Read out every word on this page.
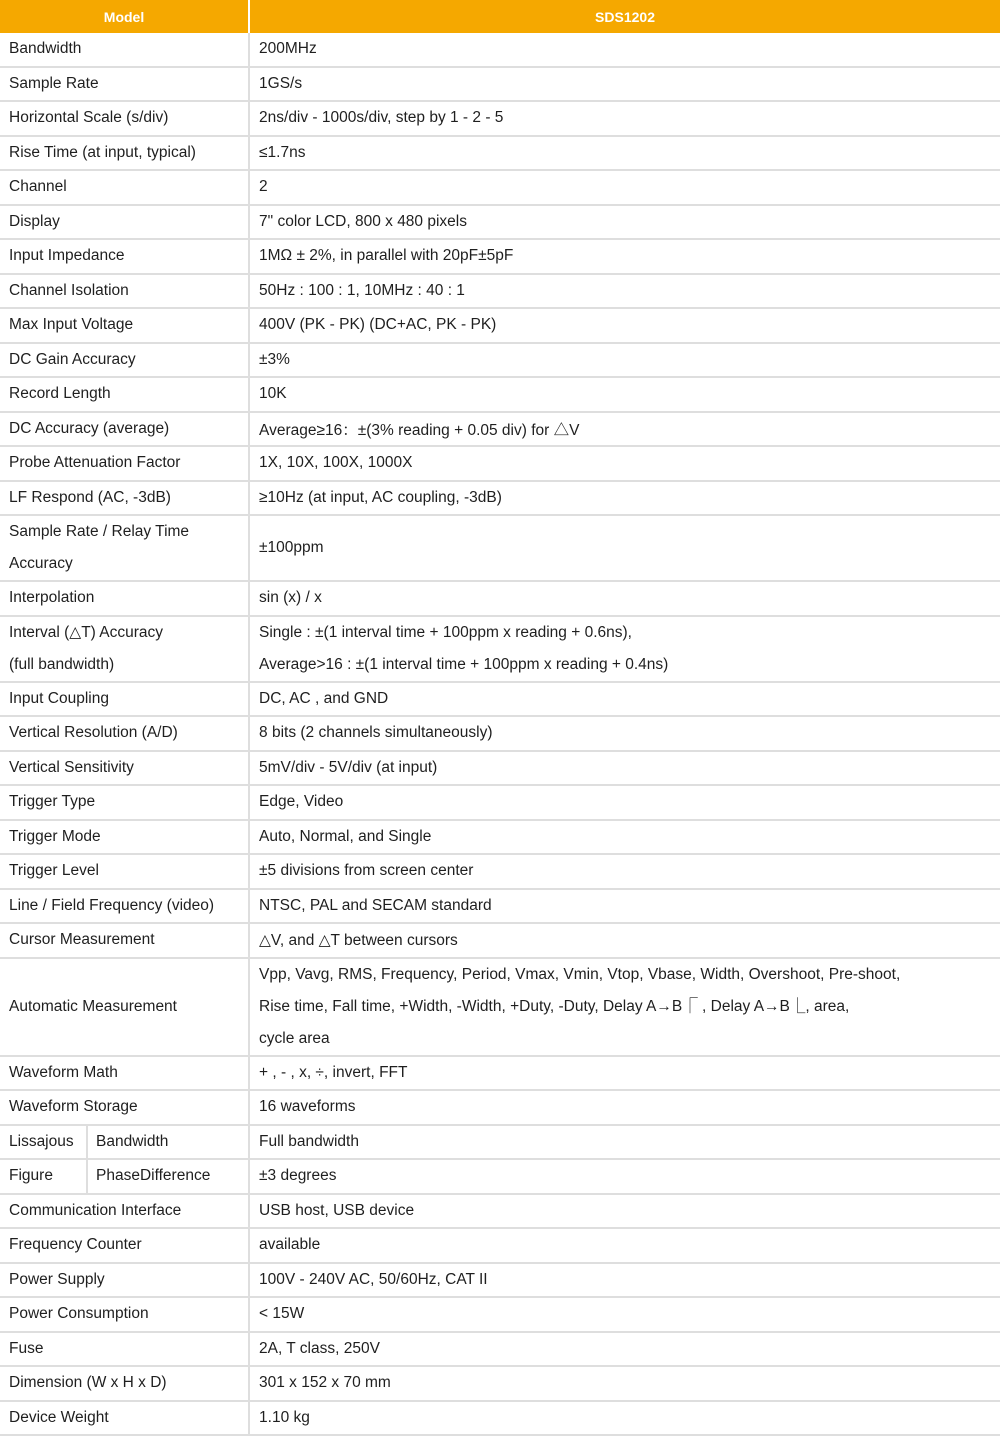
Model		SDS1202
Bandwidth		200MHz
Sample Rate		1GS/s
Horizontal Scale (s/div)		2ns/div - 1000s/div, step by 1 - 2 - 5
Rise Time (at input, typical)		≤1.7ns
Channel		2
Display		7" color LCD, 800 x 480 pixels
Input Impedance		1MΩ ± 2%, in parallel with 20pF±5pF
Channel Isolation		50Hz : 100 : 1, 10MHz : 40 : 1
Max Input Voltage		400V (PK - PK) (DC+AC, PK - PK)
DC Gain Accuracy		±3%
Record Length		10K
DC Accuracy (average)		Average≥16：±(3% reading + 0.05 div) for △V
Probe Attenuation Factor		1X, 10X, 100X, 1000X
LF Respond (AC, -3dB)		≥10Hz (at input, AC coupling, -3dB)

Sample Rate / Relay Time
Accuracy		±100ppm
Interpolation		sin (x) / x

Interval (△T) Accuracy
(full bandwidth)		Single : ±(1 interval time + 100ppm x reading + 0.6ns),
Average>16 : ±(1 interval time + 100ppm x reading + 0.4ns)

Input Coupling		DC, AC , and GND
Vertical Resolution (A/D)		8 bits (2 channels simultaneously)
Vertical Sensitivity		5mV/div - 5V/div (at input)
Trigger Type		Edge, Video
Trigger Mode		Auto, Normal, and Single
Trigger Level		±5 divisions from screen center
Line / Field Frequency (video)		NTSC, PAL and SECAM standard
Cursor Measurement		△V, and △T between cursors
Automatic Measurement		Vpp, Vavg, RMS, Frequency, Period, Vmax, Vmin, Vtop, Vbase, Width, Overshoot, Pre-shoot,
Rise time, Fall time, +Width, -Width, +Duty, -Duty, Delay A→B⎾ , Delay A→B⎿, area,
cycle area

Waveform Math		+ , - , x, ÷, invert, FFT
Waveform Storage		16 waveforms
Lissajous	Bandwidth	Full bandwidth
Figure	PhaseDifference	±3 degrees
Communication Interface		USB host, USB device
Frequency Counter		available
Power Supply		100V - 240V AC, 50/60Hz, CAT II
Power Consumption		< 15W
Fuse		2A, T class, 250V
Dimension (W x H x D)		301 x 152 x 70 mm
Device Weight		1.10 kg
